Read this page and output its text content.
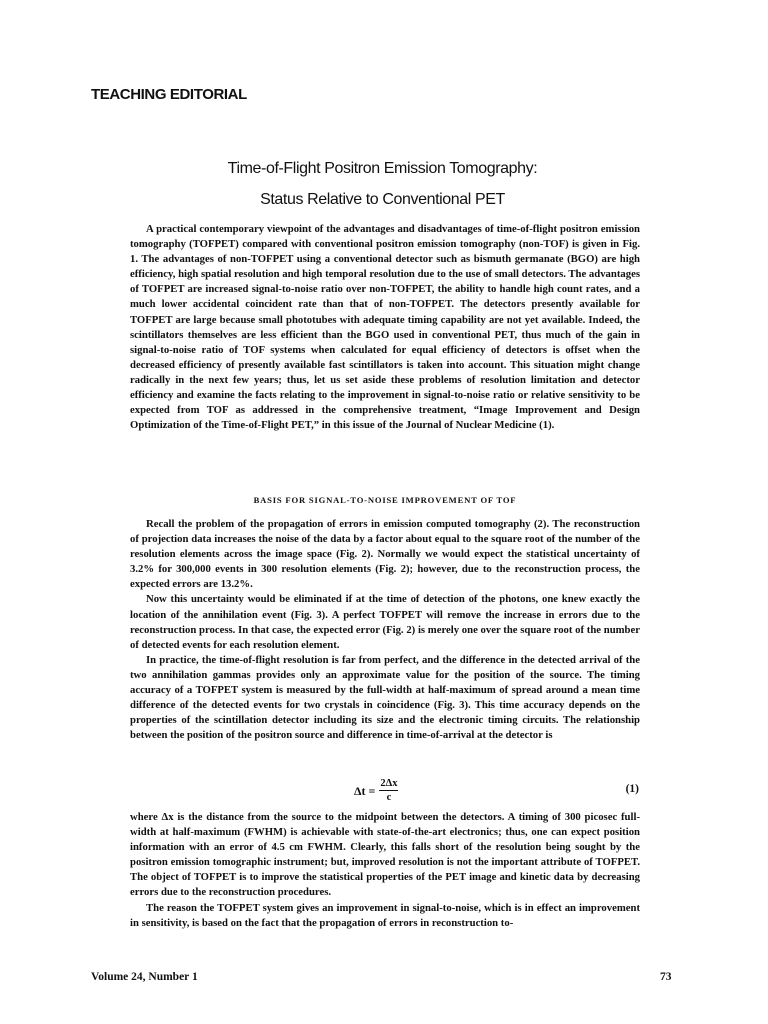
TEACHING EDITORIAL
Time-of-Flight Positron Emission Tomography:
Status Relative to Conventional PET

A practical contemporary viewpoint of the advantages and disadvantages of time-of-flight positron emission tomography (TOFPET) compared with conventional positron emission tomography (non-TOF) is given in Fig. 1. The advantages of non-TOFPET using a conventional detector such as bismuth germanate (BGO) are high efficiency, high spatial resolution and high temporal resolution due to the use of small detectors. The advantages of TOFPET are increased signal-to-noise ratio over non-TOFPET, the ability to handle high count rates, and a much lower accidental coincident rate than that of non-TOFPET. The detectors presently available for TOFPET are large because small phototubes with adequate timing capability are not yet available. Indeed, the scintillators themselves are less efficient than the BGO used in conventional PET, thus much of the gain in signal-to-noise ratio of TOF systems when calculated for equal efficiency of detectors is offset when the decreased efficiency of presently available fast scintillators is taken into account. This situation might change radically in the next few years; thus, let us set aside these problems of resolution limitation and detector efficiency and examine the facts relating to the improvement in signal-to-noise ratio or relative sensitivity to be expected from TOF as addressed in the comprehensive treatment, “Image Improvement and Design Optimization of the Time-of-Flight PET,” in this issue of the Journal of Nuclear Medicine (1).

BASIS FOR SIGNAL-TO-NOISE IMPROVEMENT OF TOF

Recall the problem of the propagation of errors in emission computed tomography (2). The reconstruction of projection data increases the noise of the data by a factor about equal to the square root of the number of the resolution elements across the image space (Fig. 2). Normally we would expect the statistical uncertainty of 3.2% for 300,000 events in 300 resolution elements (Fig. 2); however, due to the reconstruction process, the expected errors are 13.2%.

Now this uncertainty would be eliminated if at the time of detection of the photons, one knew exactly the location of the annihilation event (Fig. 3). A perfect TOFPET will remove the increase in errors due to the reconstruction process. In that case, the expected error (Fig. 2) is merely one over the square root of the number of detected events for each resolution element.

In practice, the time-of-flight resolution is far from perfect, and the difference in the detected arrival of the two annihilation gammas provides only an approximate value for the position of the source. The timing accuracy of a TOFPET system is measured by the full-width at half-maximum of spread around a mean time difference of the detected events for two crystals in coincidence (Fig. 3). This time accuracy depends on the properties of the scintillation detector including its size and the electronic timing circuits. The relationship between the position of the positron source and difference in time-of-arrival at the detector is

$\Delta t = \frac{2\Delta x}{c}$	(1)

where Δx is the distance from the source to the midpoint between the detectors. A timing of 300 picosec full-width at half-maximum (FWHM) is achievable with state-of-the-art electronics; thus, one can expect position information with an error of 4.5 cm FWHM. Clearly, this falls short of the resolution being sought by the positron emission tomographic instrument; but, improved resolution is not the important attribute of TOFPET. The object of TOFPET is to improve the statistical properties of the PET image and kinetic data by decreasing errors due to the reconstruction procedures.

The reason the TOFPET system gives an improvement in signal-to-noise, which is in effect an improvement in sensitivity, is based on the fact that the propagation of errors in reconstruction to-

Volume 24, Number 1	73
